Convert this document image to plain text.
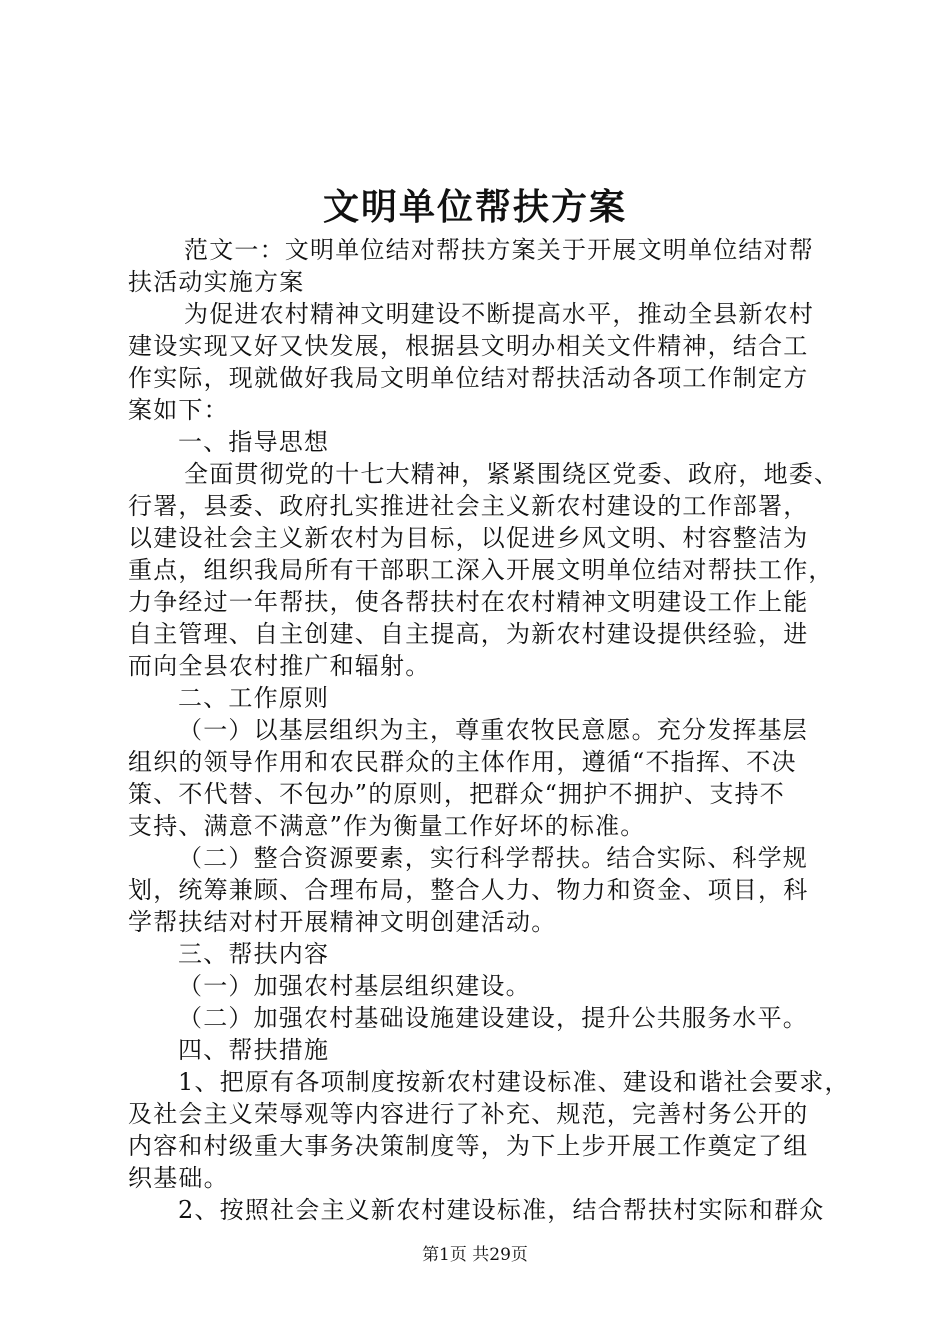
文明单位帮扶方案
范文一：文明单位结对帮扶方案关于开展文明单位结对帮
扶活动实施方案
为促进农村精神文明建设不断提高水平，推动全县新农村
建设实现又好又快发展，根据县文明办相关文件精神，结合工
作实际，现就做好我局文明单位结对帮扶活动各项工作制定方
案如下：
一、指导思想
全面贯彻党的十七大精神，紧紧围绕区党委、政府，地委、
行署，县委、政府扎实推进社会主义新农村建设的工作部署，
以建设社会主义新农村为目标，以促进乡风文明、村容整洁为
重点，组织我局所有干部职工深入开展文明单位结对帮扶工作，
力争经过一年帮扶，使各帮扶村在农村精神文明建设工作上能
自主管理、自主创建、自主提高，为新农村建设提供经验，进
而向全县农村推广和辐射。
二、工作原则
（一）以基层组织为主，尊重农牧民意愿。充分发挥基层
组织的领导作用和农民群众的主体作用，遵循“不指挥、不决
策、不代替、不包办”的原则，把群众“拥护不拥护、支持不
支持、满意不满意”作为衡量工作好坏的标准。
（二）整合资源要素，实行科学帮扶。结合实际、科学规
划，统筹兼顾、合理布局，整合人力、物力和资金、项目，科
学帮扶结对村开展精神文明创建活动。
三、帮扶内容
（一）加强农村基层组织建设。
（二）加强农村基础设施建设建设，提升公共服务水平。
四、帮扶措施
1、把原有各项制度按新农村建设标准、建设和谐社会要求，
及社会主义荣辱观等内容进行了补充、规范，完善村务公开的
内容和村级重大事务决策制度等，为下上步开展工作奠定了组
织基础。
2、按照社会主义新农村建设标准，结合帮扶村实际和群众
第1页 共29页
